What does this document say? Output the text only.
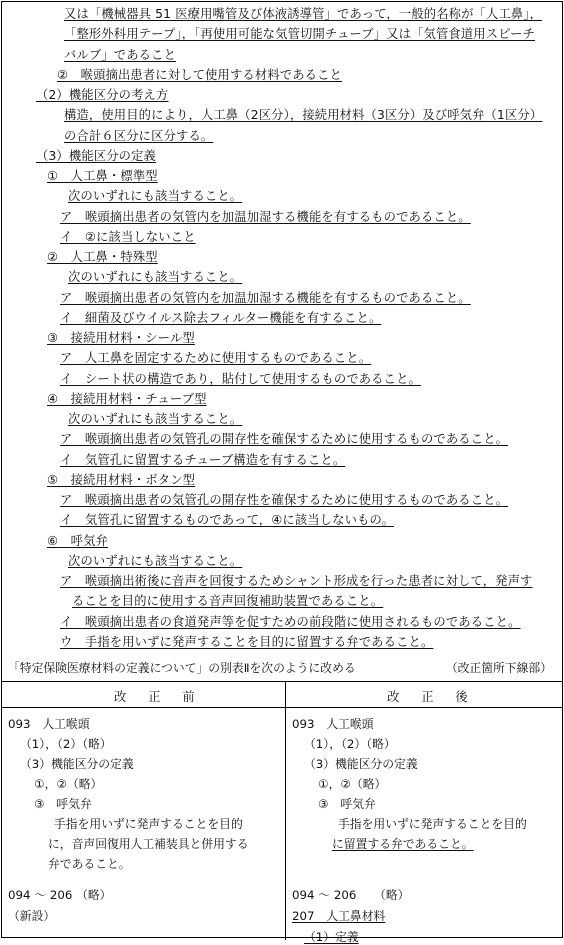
又は「機械器具 51 医療用嘴管及び体液誘導管」であって，一般的名称が「人工鼻」，
「整形外科用テープ」，「再使用可能な気管切開チューブ」又は「気管食道用スピーチ
バルブ」であること
②　喉頭摘出患者に対して使用する材料であること
（2）機能区分の考え方
構造，使用目的により，人工鼻（2区分），接続用材料（3区分）及び呼気弁（1区分）
の合計６区分に区分する。
（3）機能区分の定義
①　人工鼻・標準型
次のいずれにも該当すること。
ア　喉頭摘出患者の気管内を加温加湿する機能を有するものであること。
イ　②に該当しないこと
②　人工鼻・特殊型
次のいずれにも該当すること。
ア　喉頭摘出患者の気管内を加温加湿する機能を有するものであること。
イ　細菌及びウイルス除去フィルター機能を有すること。
③　接続用材料・シール型
ア　人工鼻を固定するために使用するものであること。
イ　シート状の構造であり，貼付して使用するものであること。
④　接続用材料・チューブ型
次のいずれにも該当すること。
ア　喉頭摘出患者の気管孔の開存性を確保するために使用するものであること。
イ　気管孔に留置するチューブ構造を有すること。
⑤　接続用材料・ボタン型
ア　喉頭摘出患者の気管孔の開存性を確保するために使用するものであること。
イ　気管孔に留置するものであって，④に該当しないもの。
⑥　呼気弁
次のいずれにも該当すること。
ア　喉頭摘出術後に音声を回復するためシャント形成を行った患者に対して，発声す
ることを目的に使用する音声回復補助装置であること。
イ　喉頭摘出患者の食道発声等を促すための前段階に使用されるものであること。
ウ　手指を用いずに発声することを目的に留置する弁であること。
「特定保険医療材料の定義について」の別表Ⅱを次のように改める	（改正箇所下線部）
改 正 前	改 正 後
093　人工喉頭
（1），（2）（略）
（3）機能区分の定義
①，②（略）
③　呼気弁
手指を用いずに発声することを目的
に，音声回復用人工補装具と併用する
弁であること。
094 ～ 206 （略）
（新設）
093　人工喉頭
（1），（2）（略）
（3）機能区分の定義
①，②（略）
③　呼気弁
手指を用いずに発声することを目的
に留置する弁であること。
094 ～ 206　　（略）
207　人工鼻材料
（1）定義
